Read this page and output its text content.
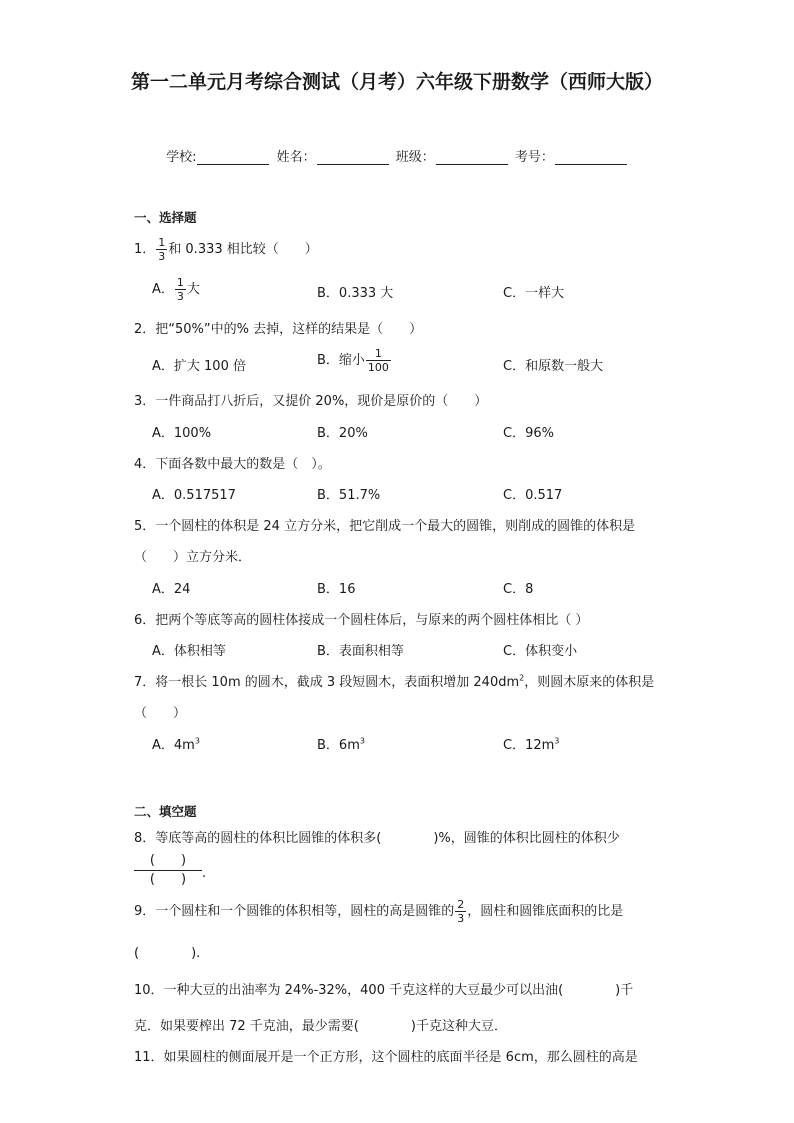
第一二单元月考综合测试（月考）六年级下册数学（西师大版）
学校:	姓名：	班级：	考号：
一、选择题
1． $\frac{1}{3}$ 和 0.333 相比较（　　）
A． $\frac{1}{3}$ 大	B．0.333 大	C．一样大
2．把“50%”中的% 去掉，这样的结果是（　　）
A．扩大 100 倍	B．缩小 $\frac{1}{100}$	C．和原数一般大
3．一件商品打八折后，又提价 20%，现价是原价的（　　）
A．100%	B．20%	C．96%
4．下面各数中最大的数是（　）。
A．0.517517	B．51.7%	C．0.517
5．一个圆柱的体积是 24 立方分米，把它削成一个最大的圆锥，则削成的圆锥的体积是
（　　）立方分米．
A．24	B．16	C．8
6．把两个等底等高的圆柱体接成一个圆柱体后，与原来的两个圆柱体相比（ ）
A．体积相等	B．表面积相等	C．体积变小
7．将一根长 10m 的圆木，截成 3 段短圆木，表面积增加 $240dm^2$，则圆木原来的体积是
（　　）
A．$4m^3$	B．$6m^3$	C．$12m^3$
二、填空题
8．等底等高的圆柱的体积比圆锥的体积多(　　　　)%，圆锥的体积比圆柱的体积少
(　　)
(　　)	.
9．一个圆柱和一个圆锥的体积相等，圆柱的高是圆锥的 $\frac{2}{3}$ ，圆柱和圆锥底面积的比是
(　　　　).
10．一种大豆的出油率为 24%-32%，400 千克这样的大豆最少可以出油(　　　　)千
克．如果要榨出 72 千克油，最少需要(　　　　)千克这种大豆．
11．如果圆柱的侧面展开是一个正方形，这个圆柱的底面半径是 6cm，那么圆柱的高是
